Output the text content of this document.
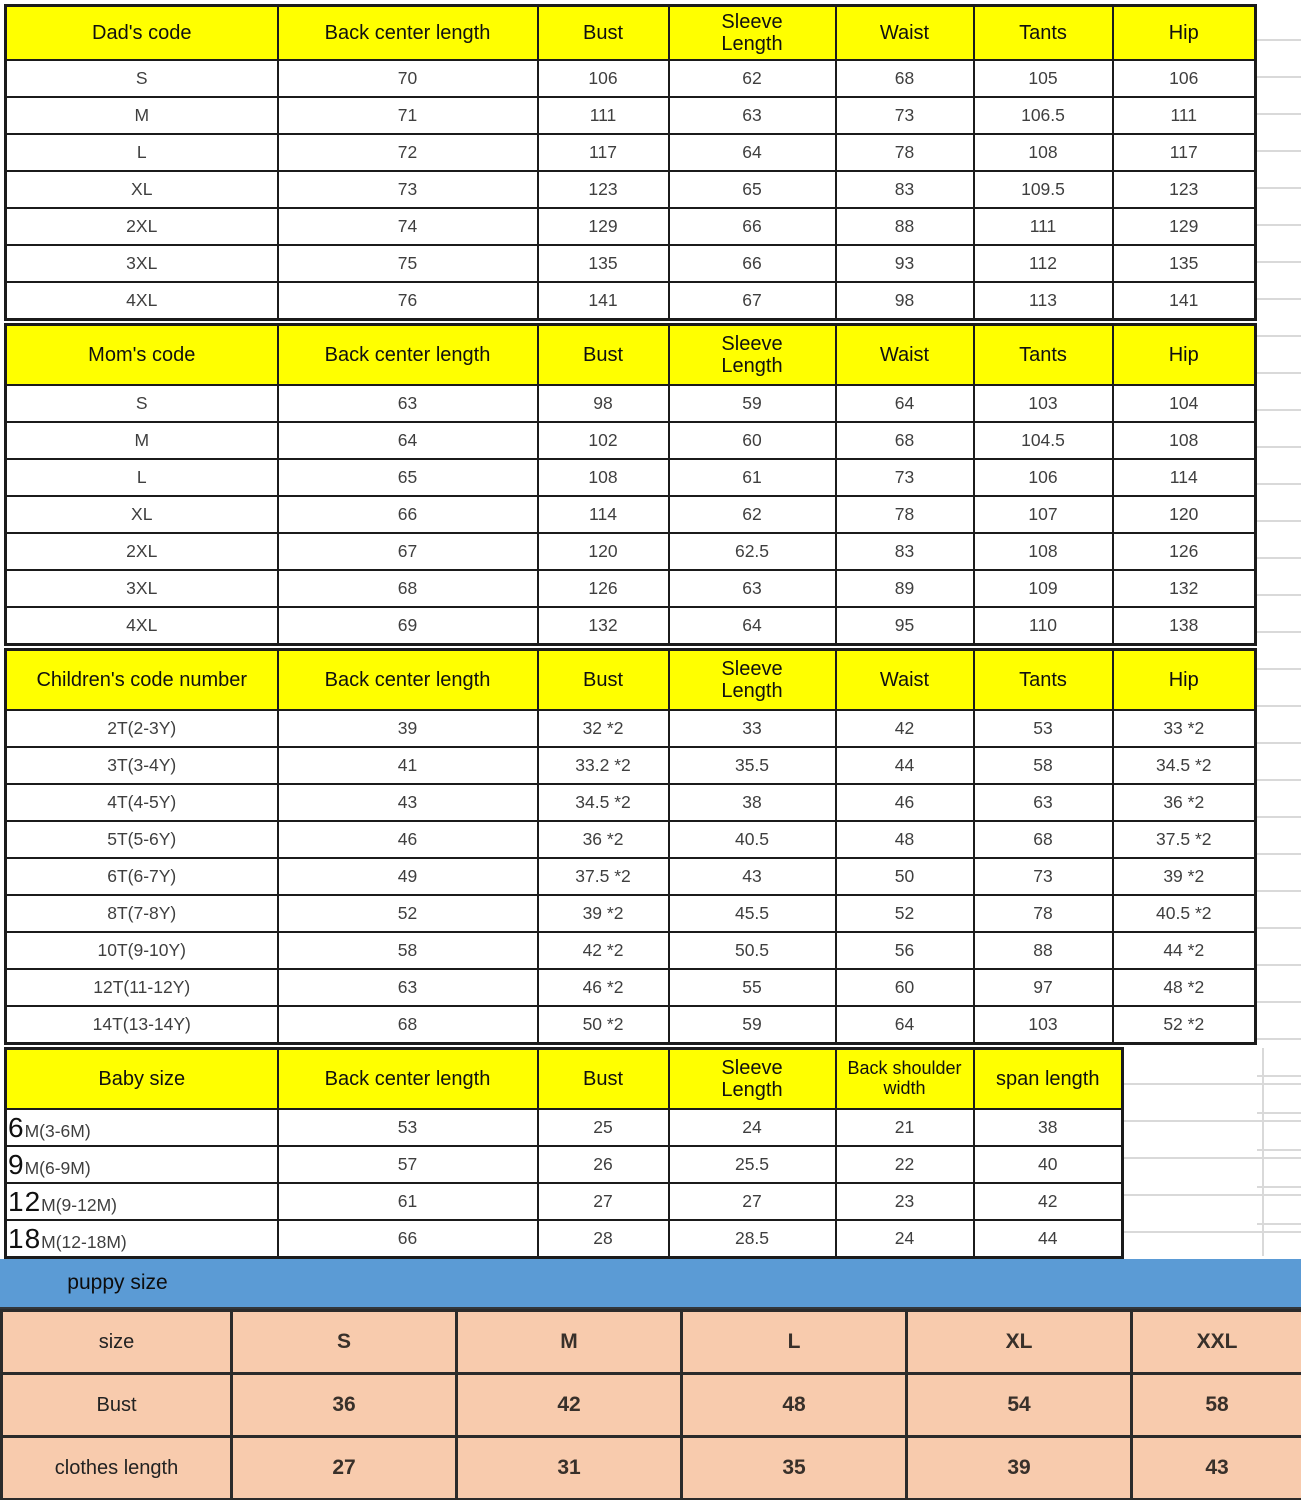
Dad's code	Back center length	Bust	Sleeve Length	Waist	Tants	Hip
S	70	106	62	68	105	106
M	71	111	63	73	106.5	111
L	72	117	64	78	108	117
XL	73	123	65	83	109.5	123
2XL	74	129	66	88	111	129
3XL	75	135	66	93	112	135
4XL	76	141	67	98	113	141
Mom's code	Back center length	Bust	Sleeve Length	Waist	Tants	Hip
S	63	98	59	64	103	104
M	64	102	60	68	104.5	108
L	65	108	61	73	106	114
XL	66	114	62	78	107	120
2XL	67	120	62.5	83	108	126
3XL	68	126	63	89	109	132
4XL	69	132	64	95	110	138
Children's code number	Back center length	Bust	Sleeve Length	Waist	Tants	Hip
2T(2-3Y)	39	32 *2	33	42	53	33 *2
3T(3-4Y)	41	33.2 *2	35.5	44	58	34.5 *2
4T(4-5Y)	43	34.5 *2	38	46	63	36 *2
5T(5-6Y)	46	36 *2	40.5	48	68	37.5 *2
6T(6-7Y)	49	37.5 *2	43	50	73	39 *2
8T(7-8Y)	52	39 *2	45.5	52	78	40.5 *2
10T(9-10Y)	58	42 *2	50.5	56	88	44 *2
12T(11-12Y)	63	46 *2	55	60	97	48 *2
14T(13-14Y)	68	50 *2	59	64	103	52 *2
Baby size	Back center length	Bust	Sleeve Length	Back shoulder width	span length
6M(3-6M)	53	25	24	21	38
9M(6-9M)	57	26	25.5	22	40
12M(9-12M)	61	27	27	23	42
18M(12-18M)	66	28	28.5	24	44
puppy size
size	S	M	L	XL	XXL
Bust	36	42	48	54	58
clothes length	27	31	35	39	43
